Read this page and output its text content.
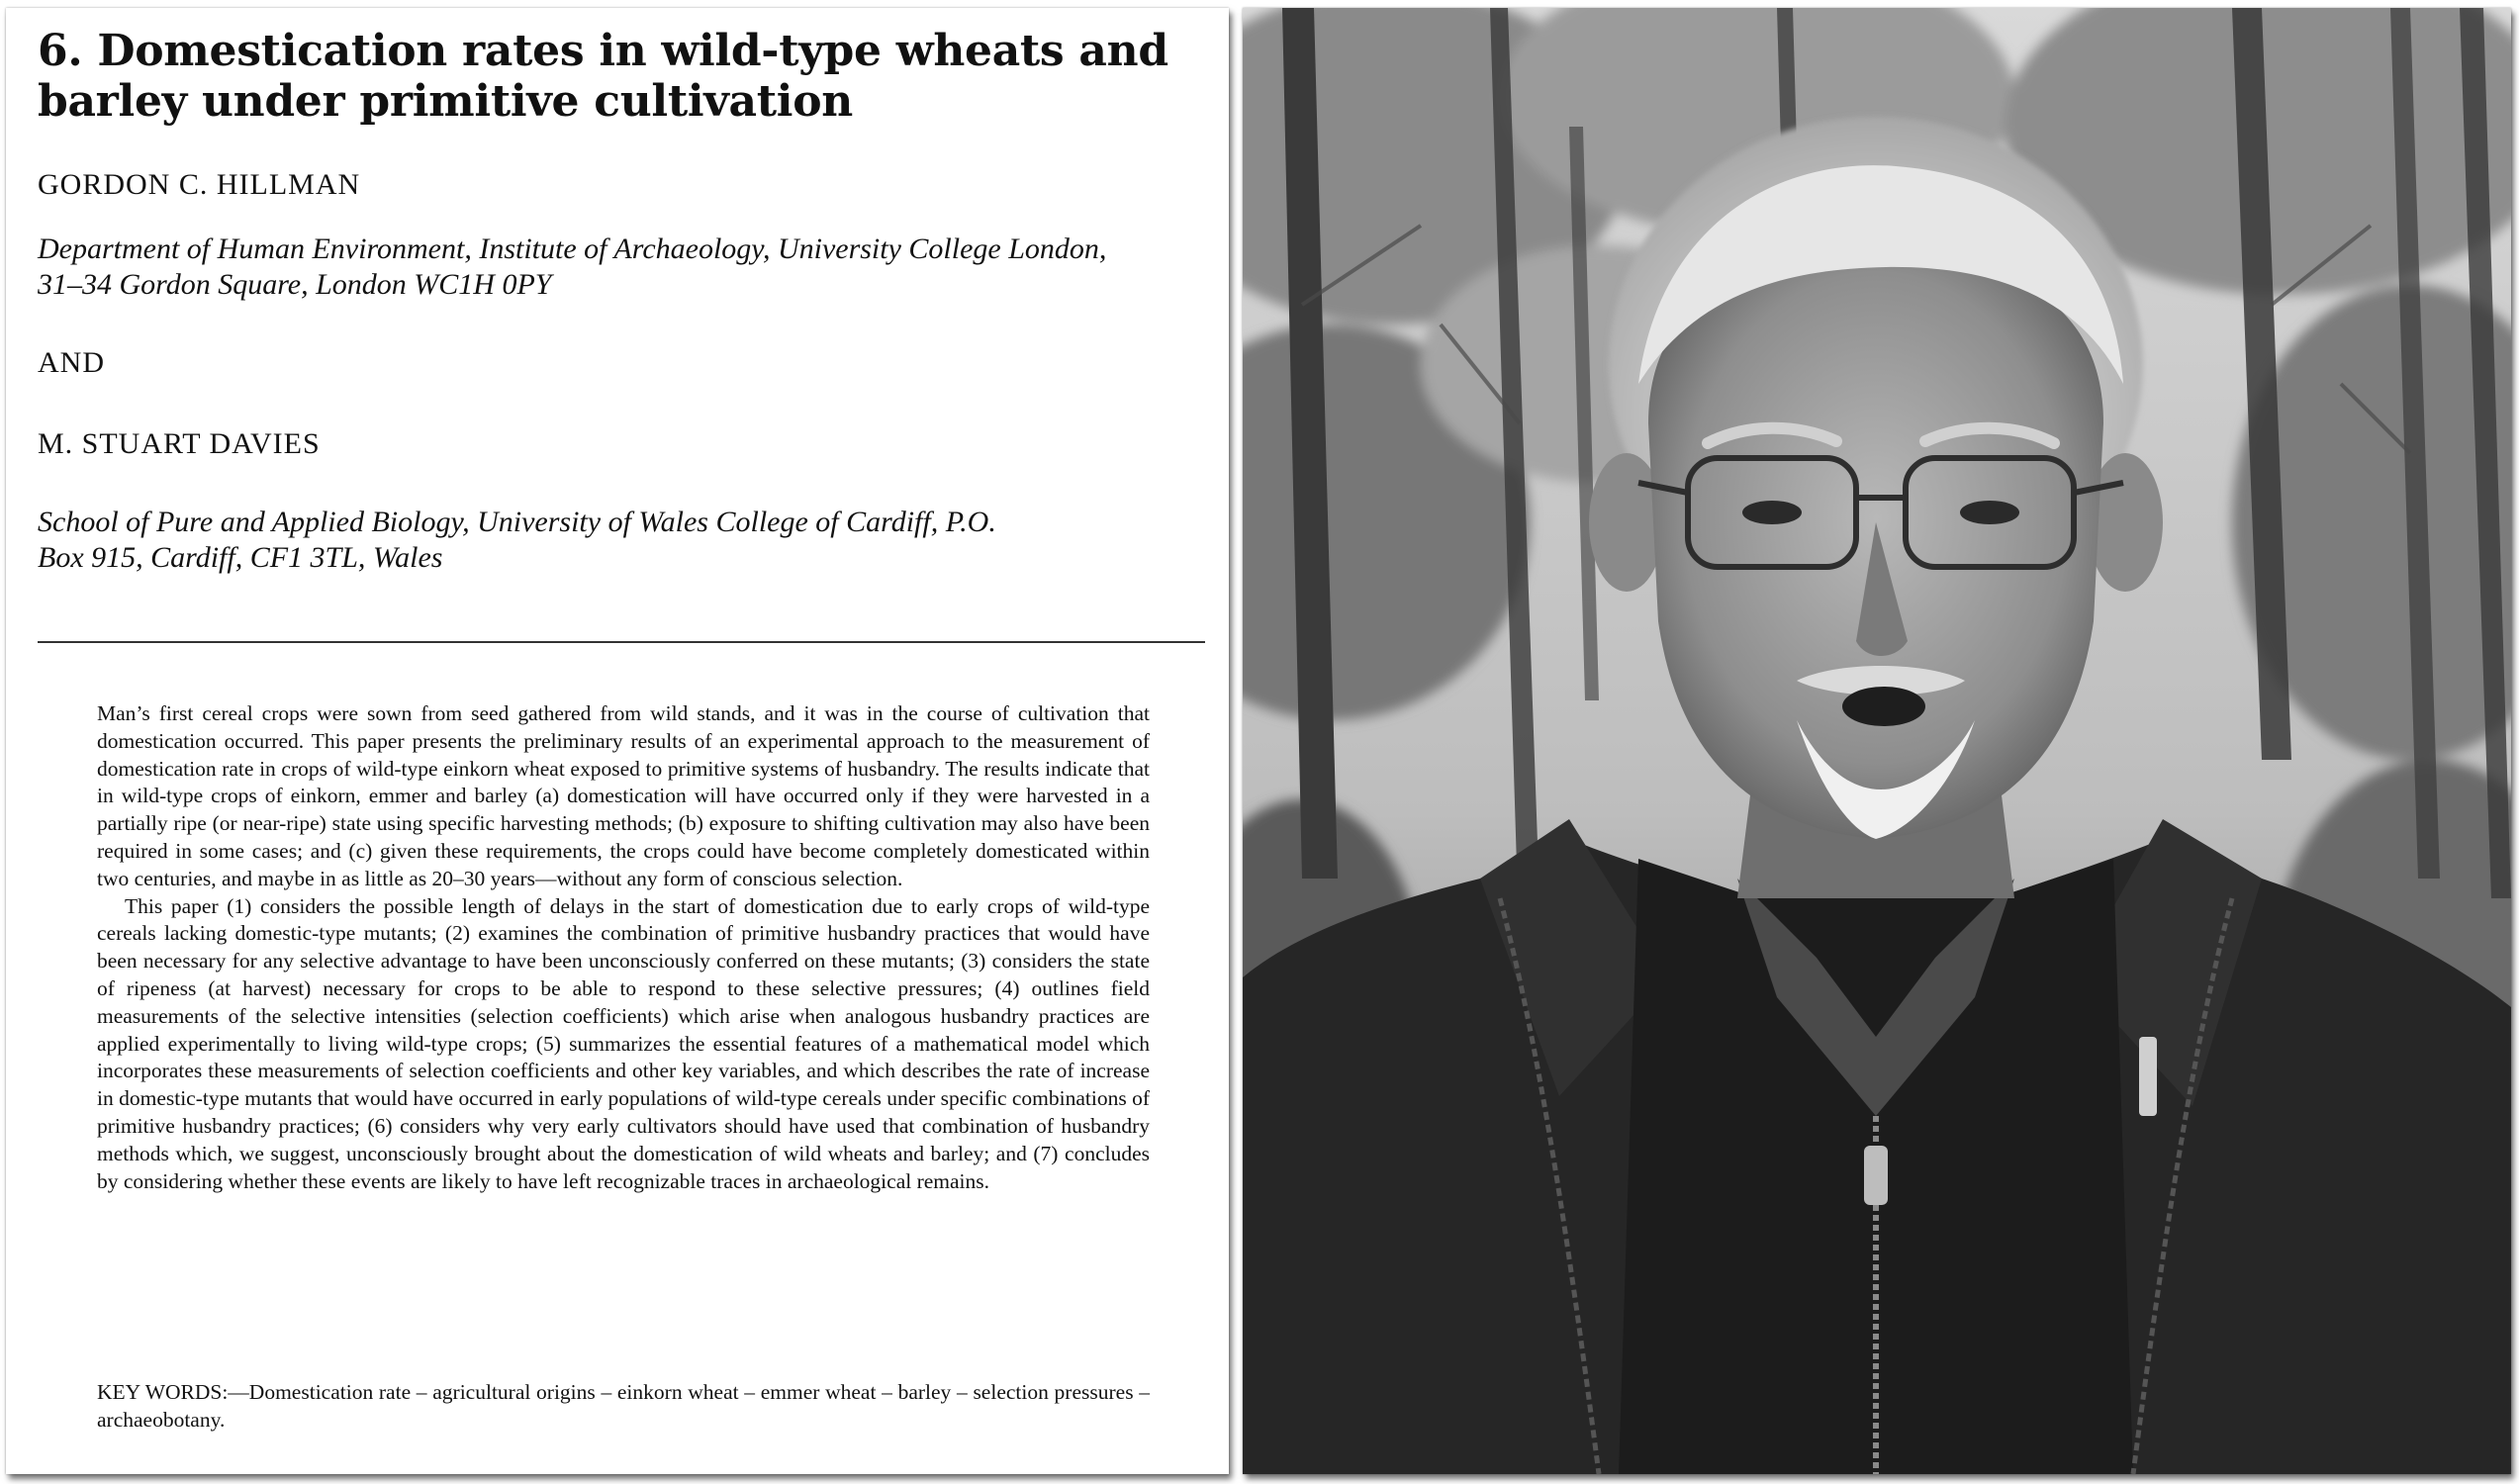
6. Domestication rates in wild-type wheats and barley under primitive cultivation

GORDON C. HILLMAN

Department of Human Environment, Institute of Archaeology, University College London,
31–34 Gordon Square, London WC1H 0PY

AND

M. STUART DAVIES

School of Pure and Applied Biology, University of Wales College of Cardiff, P.O.
Box 915, Cardiff, CF1 3TL, Wales

Man’s first cereal crops were sown from seed gathered from wild stands, and it was in the course of cultivation that domestication occurred. This paper presents the preliminary results of an experimental approach to the measurement of domestication rate in crops of wild-type einkorn wheat exposed to primitive systems of husbandry. The results indicate that in wild-type crops of einkorn, emmer and barley (a) domestication will have occurred only if they were harvested in a partially ripe (or near-ripe) state using specific harvesting methods; (b) exposure to shifting cultivation may also have been required in some cases; and (c) given these requirements, the crops could have become completely domesticated within two centuries, and maybe in as little as 20–30 years—without any form of conscious selection.

This paper (1) considers the possible length of delays in the start of domestication due to early crops of wild-type cereals lacking domestic-type mutants; (2) examines the combination of primitive husbandry practices that would have been necessary for any selective advantage to have been unconsciously conferred on these mutants; (3) considers the state of ripeness (at harvest) necessary for crops to be able to respond to these selective pressures; (4) outlines field measurements of the selective intensities (selection coefficients) which arise when analogous husbandry practices are applied experimentally to living wild-type crops; (5) summarizes the essential features of a mathematical model which incorporates these measurements of selection coefficients and other key variables, and which describes the rate of increase in domestic-type mutants that would have occurred in early populations of wild-type cereals under specific combinations of primitive husbandry practices; (6) considers why very early cultivators should have used that combination of husbandry methods which, we suggest, unconsciously brought about the domestication of wild wheats and barley; and (7) concludes by considering whether these events are likely to have left recognizable traces in archaeological remains.

KEY WORDS:—Domestication rate – agricultural origins – einkorn wheat – emmer wheat – barley – selection pressures – archaeobotany.
